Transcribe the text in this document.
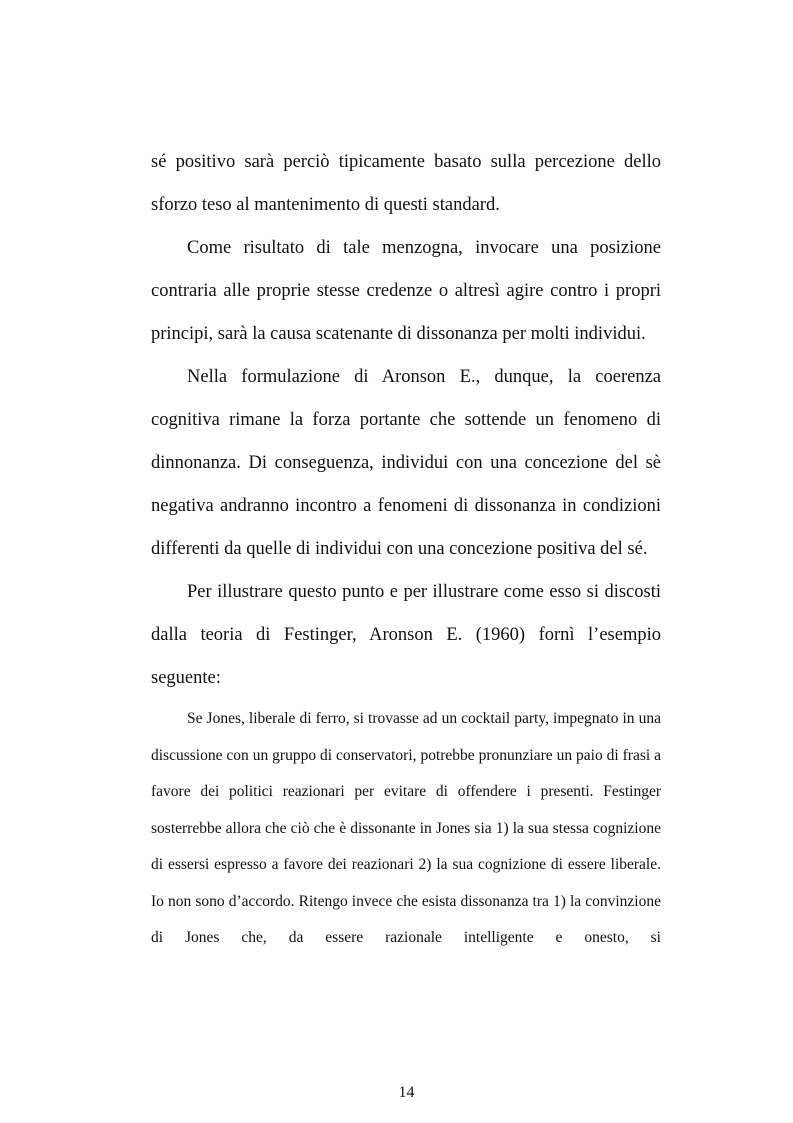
sé positivo sarà perciò tipicamente basato sulla percezione dello sforzo teso al mantenimento di questi standard.

Come risultato di tale menzogna, invocare una posizione contraria alle proprie stesse credenze o altresì agire contro i propri principi, sarà la causa scatenante di dissonanza per molti individui.

Nella formulazione di Aronson E., dunque, la coerenza cognitiva rimane la forza portante che sottende un fenomeno di dinnonanza. Di conseguenza, individui con una concezione del sè negativa andranno incontro a fenomeni di dissonanza in condizioni differenti da quelle di individui con una concezione positiva del sé.

Per illustrare questo punto e per illustrare come esso si discosti dalla teoria di Festinger, Aronson E. (1960) fornì l’esempio seguente:

Se Jones, liberale di ferro, si trovasse ad un cocktail party, impegnato in una discussione con un gruppo di conservatori, potrebbe pronunziare un paio di frasi a favore dei politici reazionari per evitare di offendere i presenti. Festinger sosterrebbe allora che ciò che è dissonante in Jones sia 1) la sua stessa cognizione di essersi espresso a favore dei reazionari 2) la sua cognizione di essere liberale. Io non sono d’accordo. Ritengo invece che esista dissonanza tra 1) la convinzione di Jones che, da essere razionale intelligente e onesto, si

14
